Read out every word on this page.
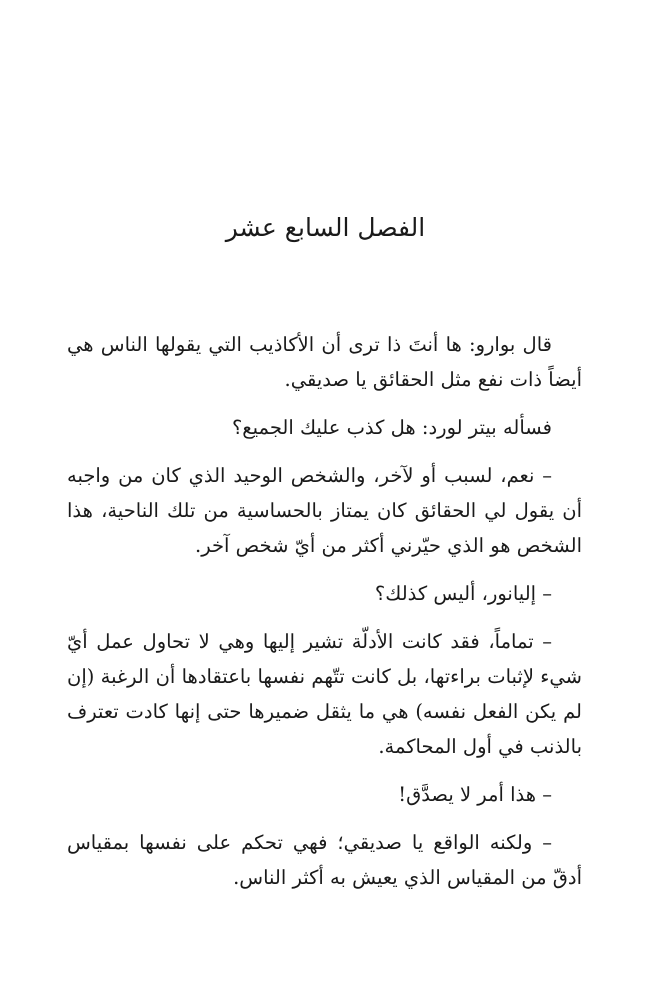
الفصل السابع عشر

قال بوارو: ها أنتَ ذا ترى أن الأكاذيب التي يقولها الناس هي أيضاً ذات نفع مثل الحقائق يا صديقي.

فسأله بيتر لورد: هل كذب عليك الجميع؟

– نعم، لسبب أو لآخر، والشخص الوحيد الذي كان من واجبه أن يقول لي الحقائق كان يمتاز بالحساسية من تلك الناحية، هذا الشخص هو الذي حيّرني أكثر من أيّ شخص آخر.

– إليانور، أليس كذلك؟

– تماماً، فقد كانت الأدلّة تشير إليها وهي لا تحاول عمل أيّ شيء لإثبات براءتها، بل كانت تتّهم نفسها باعتقادها أن الرغبة (إن لم يكن الفعل نفسه) هي ما يثقل ضميرها حتى إنها كادت تعترف بالذنب في أول المحاكمة.

– هذا أمر لا يصدَّق!

– ولكنه الواقع يا صديقي؛ فهي تحكم على نفسها بمقياس أدقّ من المقياس الذي يعيش به أكثر الناس.
